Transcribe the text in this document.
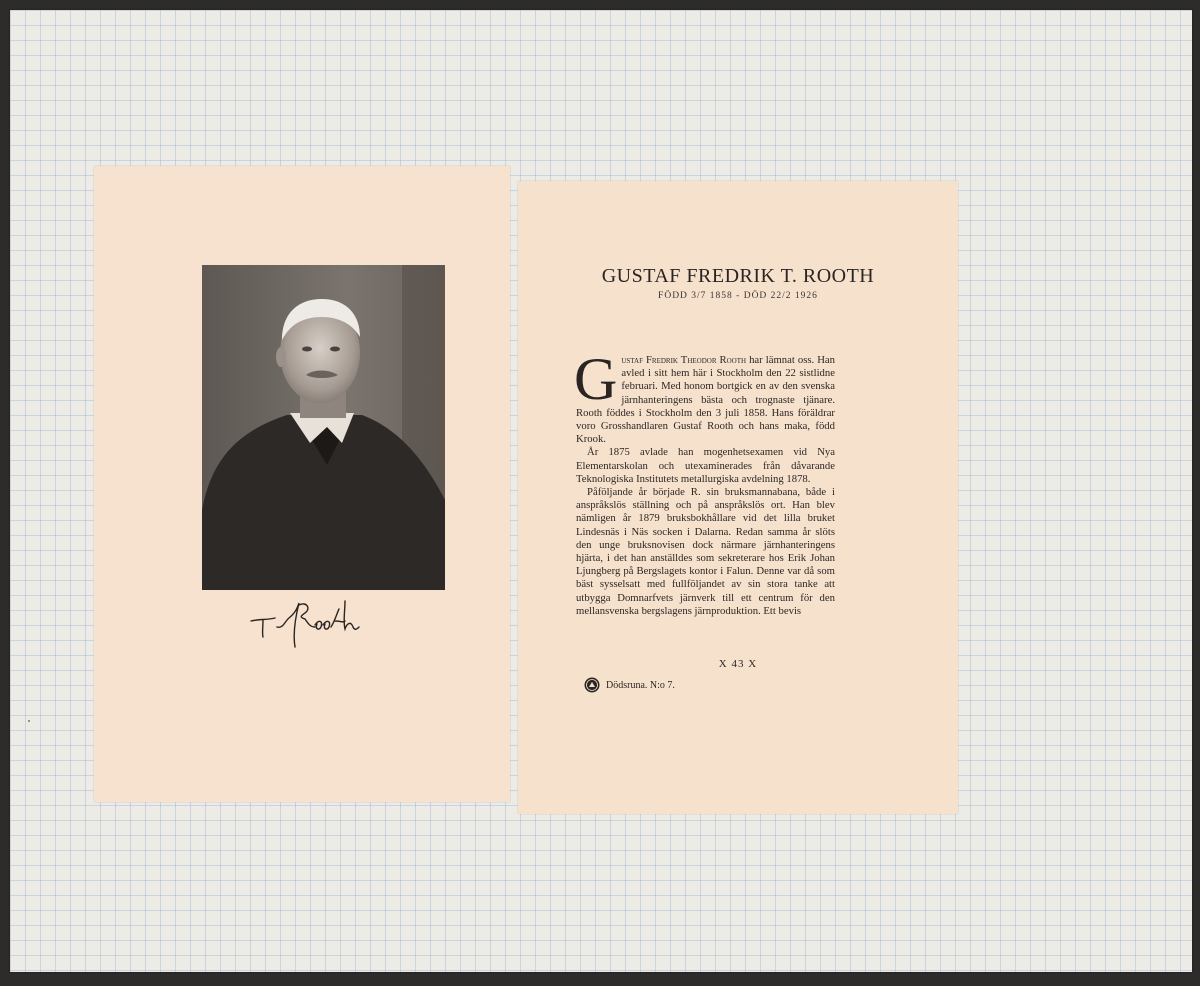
GUSTAF FREDRIK T. ROOTH
FÖDD 3/7 1858 - DÖD 22/2 1926

Gustaf Fredrik Theodor Rooth har lämnat oss. Han avled i sitt hem här i Stockholm den 22 sistlidne februari. Med honom bortgick en av den svenska järnhanteringens bästa och trognaste tjänare. Rooth föddes i Stockholm den 3 juli 1858. Hans föräldrar voro Grosshandlaren Gustaf Rooth och hans maka, född Krook.

År 1875 avlade han mogenhetsexamen vid Nya Elementarskolan och utexaminerades från dåvarande Teknologiska Institutets metallurgiska avdelning 1878.

Påföljande år började R. sin bruksmannabana, både i anspråkslös ställning och på anspråkslös ort. Han blev nämligen år 1879 bruksbokhållare vid det lilla bruket Lindesnäs i Näs socken i Dalarna. Redan samma år slöts den unge bruksnovisen dock närmare järnhanteringens hjärta, i det han anställdes som sekreterare hos Erik Johan Ljungberg på Bergslagets kontor i Falun. Denne var då som bäst sysselsatt med fullföljandet av sin stora tanke att utbygga Domnarfvets järnverk till ett centrum för den mellansvenska bergslagens järnproduktion. Ett bevis

X 43 X
Dödsruna. N:o 7.
